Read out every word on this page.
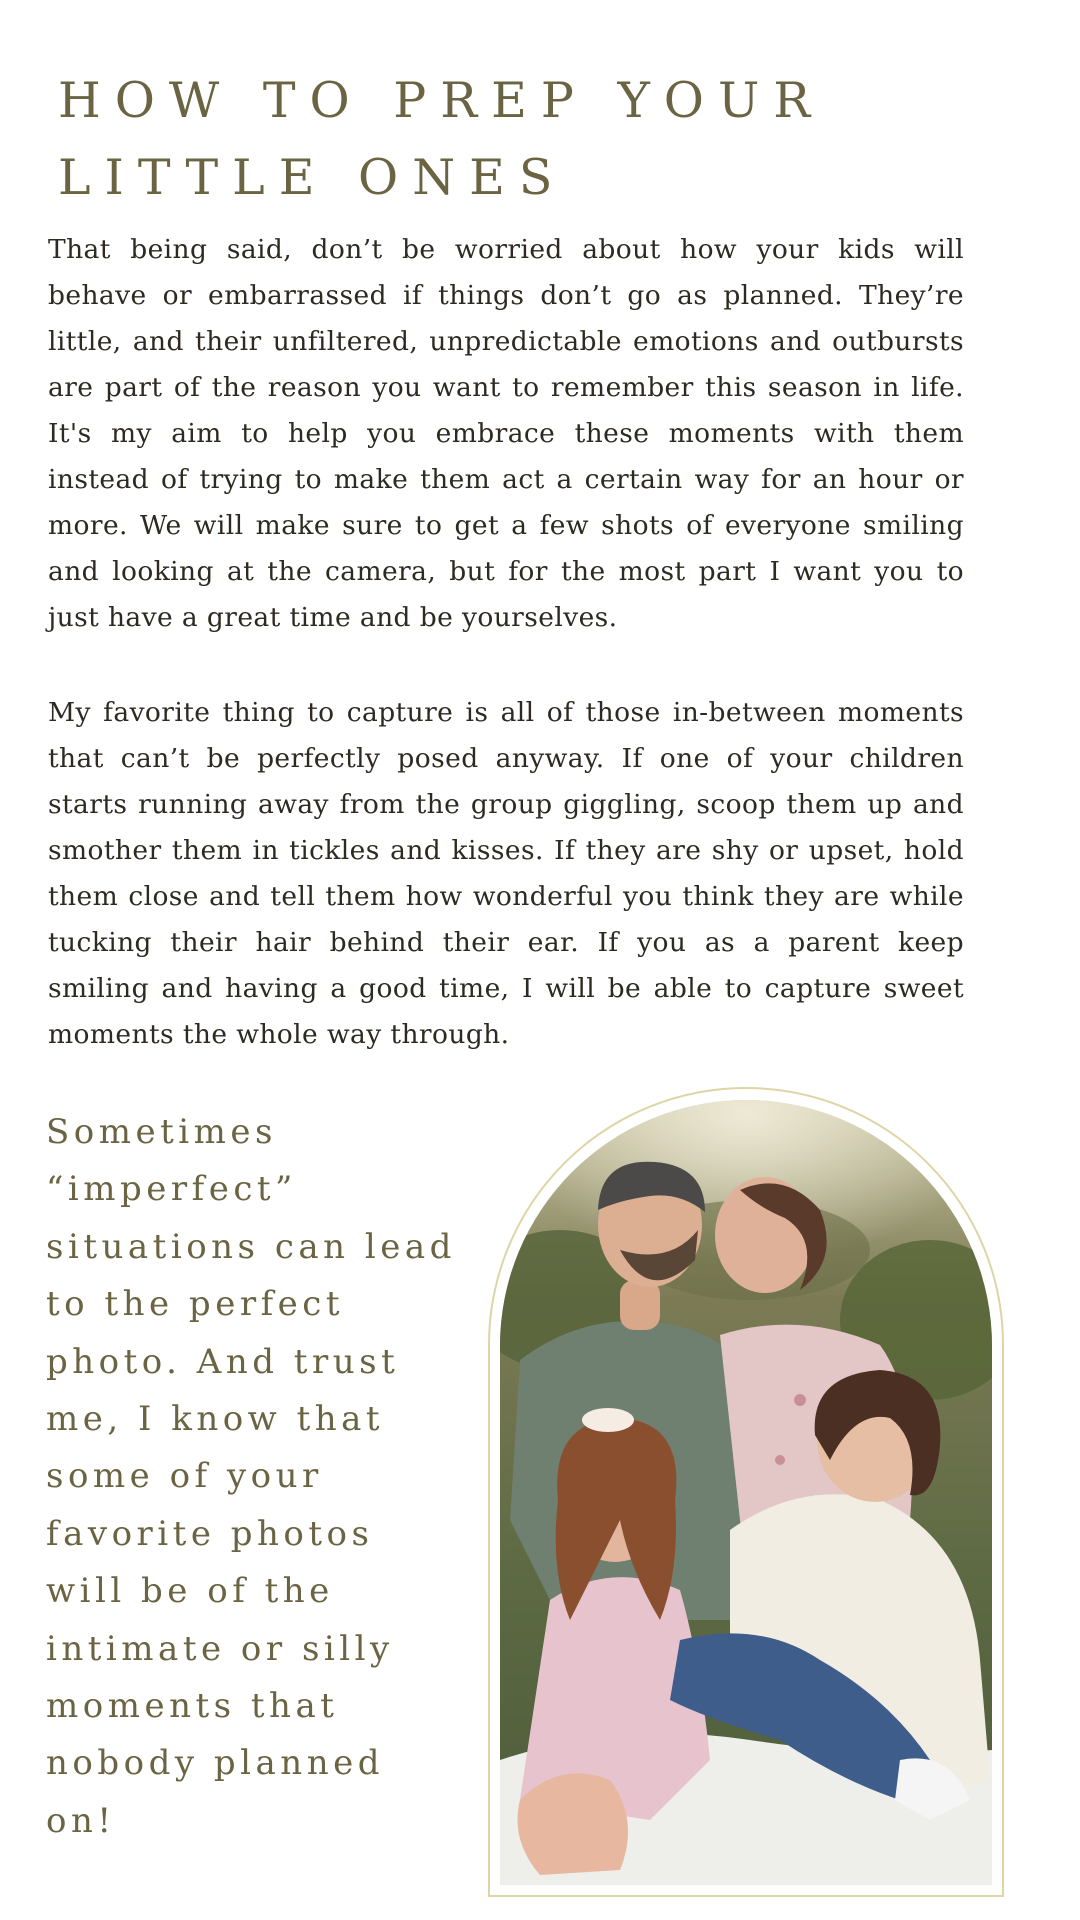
HOW TO PREP YOUR LITTLE ONES

That being said, don’t be worried about how your kids will behave or embarrassed if things don’t go as planned. They’re little, and their unfiltered, unpredictable emotions and outbursts are part of the reason you want to remember this season in life. It's my aim to help you embrace these moments with them instead of trying to make them act a certain way for an hour or more. We will make sure to get a few shots of everyone smiling and looking at the camera, but for the most part I want you to just have a great time and be yourselves.

My favorite thing to capture is all of those in-between moments that can’t be perfectly posed anyway. If one of your children starts running away from the group giggling, scoop them up and smother them in tickles and kisses. If they are shy or upset, hold them close and tell them how wonderful you think they are while tucking their hair behind their ear. If you as a parent keep smiling and having a good time, I will be able to capture sweet moments the whole way through.

Sometimes “imperfect” situations can lead to the perfect photo. And trust me, I know that some of your favorite photos will be of the intimate or silly moments that nobody planned on!
